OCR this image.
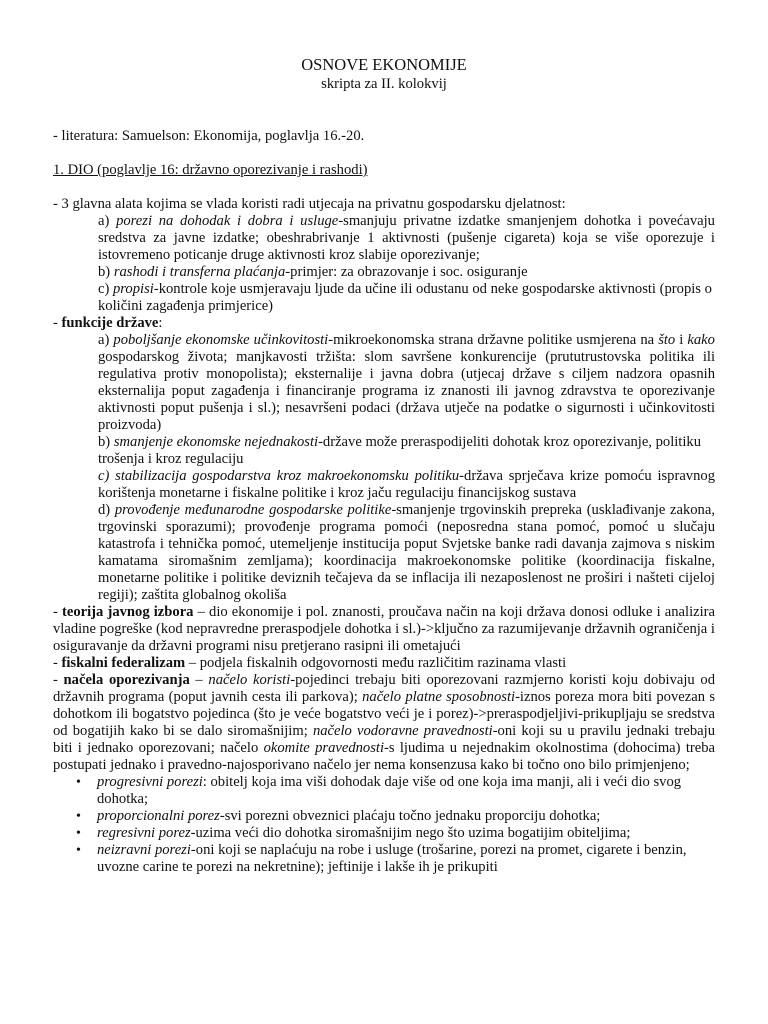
OSNOVE EKONOMIJE
skripta za II. kolokvij

- literatura: Samuelson: Ekonomija, poglavlja 16.-20.

1. DIO (poglavlje 16: državno oporezivanje i rashodi)

- 3 glavna alata kojima se vlada koristi radi utjecaja na privatnu gospodarsku djelatnost:

a) porezi na dohodak i dobra i usluge-smanjuju privatne izdatke smanjenjem dohotka i povećavaju sredstva za javne izdatke; obeshrabrivanje 1 aktivnosti (pušenje cigareta) koja se više oporezuje i istovremeno poticanje druge aktivnosti kroz slabije oporezivanje;

b) rashodi i transferna plaćanja-primjer: za obrazovanje i soc. osiguranje

c) propisi-kontrole koje usmjeravaju ljude da učine ili odustanu od neke gospodarske aktivnosti (propis o količini zagađenja primjerice)

- funkcije države:

a) poboljšanje ekonomske učinkovitosti-mikroekonomska strana državne politike usmjerena na što i kako gospodarskog života; manjkavosti tržišta: slom savršene konkurencije (prututrustovska politika ili regulativa protiv monopolista); eksternalije i javna dobra (utjecaj države s ciljem nadzora opasnih eksternalija poput zagađenja i financiranje programa iz znanosti ili javnog zdravstva te oporezivanje aktivnosti poput pušenja i sl.); nesavršeni podaci (država utječe na podatke o sigurnosti i učinkovitosti proizvoda)

b) smanjenje ekonomske nejednakosti-države može preraspodijeliti dohotak kroz oporezivanje, politiku trošenja i kroz regulaciju

c) stabilizacija gospodarstva kroz makroekonomsku politiku-država sprječava krize pomoću ispravnog korištenja monetarne i fiskalne politike i kroz jaču regulaciju financijskog sustava

d) provođenje međunarodne gospodarske politike-smanjenje trgovinskih prepreka (usklađivanje zakona, trgovinski sporazumi); provođenje programa pomoći (neposredna stana pomoć, pomoć u slučaju katastrofa i tehnička pomoć, utemeljenje institucija poput Svjetske banke radi davanja zajmova s niskim kamatama siromašnim zemljama); koordinacija makroekonomske politike (koordinacija fiskalne, monetarne politike i politike deviznih tečajeva da se inflacija ili nezaposlenost ne proširi i našteti cijeloj regiji); zaštita globalnog okoliša

- teorija javnog izbora – dio ekonomije i pol. znanosti, proučava način na koji država donosi odluke i analizira vladine pogreške (kod nepravredne preraspodjele dohotka i sl.)->ključno za razumijevanje državnih ograničenja i osiguravanje da državni programi nisu pretjerano rasipni ili ometajući

- fiskalni federalizam – podjela fiskalnih odgovornosti među različitim razinama vlasti

- načela oporezivanja – načelo koristi-pojedinci trebaju biti oporezovani razmjerno koristi koju dobivaju od državnih programa (poput javnih cesta ili parkova); načelo platne sposobnosti-iznos poreza mora biti povezan s dohotkom ili bogatstvo pojedinca (što je veće bogatstvo veći je i porez)->preraspodjeljivi-prikupljaju se sredstva od bogatijih kako bi se dalo siromašnijim; načelo vodoravne pravednosti-oni koji su u pravilu jednaki trebaju biti i jednako oporezovani; načelo okomite pravednosti-s ljudima u nejednakim okolnostima (dohocima) treba postupati jednako i pravedno-najosporivano načelo jer nema konsenzusa kako bi točno ono bilo primjenjeno;

• progresivni porezi: obitelj koja ima viši dohodak daje više od one koja ima manji, ali i veći dio svog dohotka;
• proporcionalni porez-svi porezni obveznici plaćaju točno jednaku proporciju dohotka;
• regresivni porez-uzima veći dio dohotka siromašnijim nego što uzima bogatijim obiteljima;
• neizravni porezi-oni koji se naplaćuju na robe i usluge (trošarine, porezi na promet, cigarete i benzin, uvozne carine te porezi na nekretnine); jeftinije i lakše ih je prikupiti
